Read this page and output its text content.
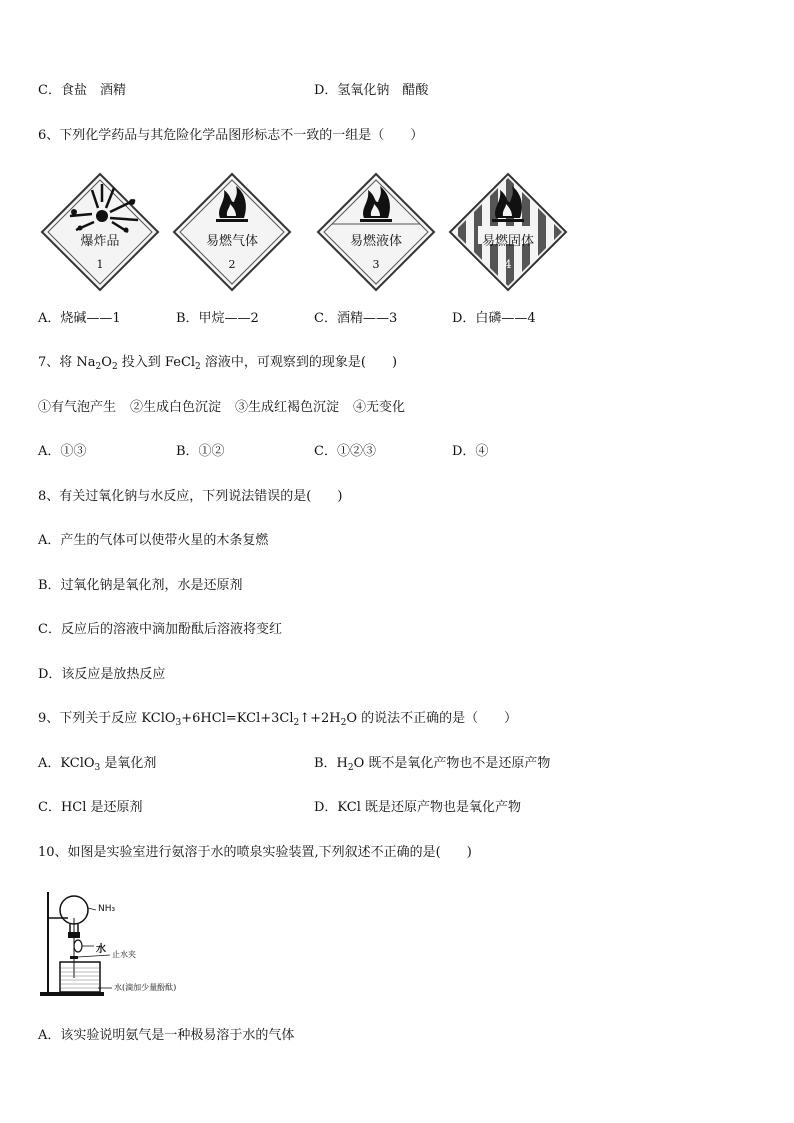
C．食盐　酒精	D．氢氧化钠　醋酸
6、下列化学药品与其危险化学品图形标志不一致的一组是（　　）
爆炸品
1
易燃气体
2
易燃液体
3
易燃固体
4
A．烧碱——1	B．甲烷——2	C．酒精——3	D．白磷——4
7、将 $Na_2O_2$ 投入到 FeCl$_2$ 溶液中，可观察到的现象是(　　)
①有气泡产生 ②生成白色沉淀 ③生成红褐色沉淀 ④无变化
A．①③	B．①②	C．①②③	D．④
8、有关过氧化钠与水反应，下列说法错误的是(　　)
A．产生的气体可以使带火星的木条复燃
B．过氧化钠是氧化剂，水是还原剂
C．反应后的溶液中滴加酚酞后溶液将变红
D．该反应是放热反应
9、下列关于反应 $KClO_3+6HCl=KCl+3Cl_2↑+2H_2O$ 的说法不正确的是（　　）
A．KClO$_3$ 是氧化剂	B．$H_2O$ 既不是氧化产物也不是还原产物
C．HCl 是还原剂	D．KCl 既是还原产物也是氧化产物
10、如图是实验室进行氨溶于水的喷泉实验装置,下列叙述不正确的是(　　)
NH₃
水 止水夹
水(滴加少量酚酞)
A．该实验说明氨气是一种极易溶于水的气体
